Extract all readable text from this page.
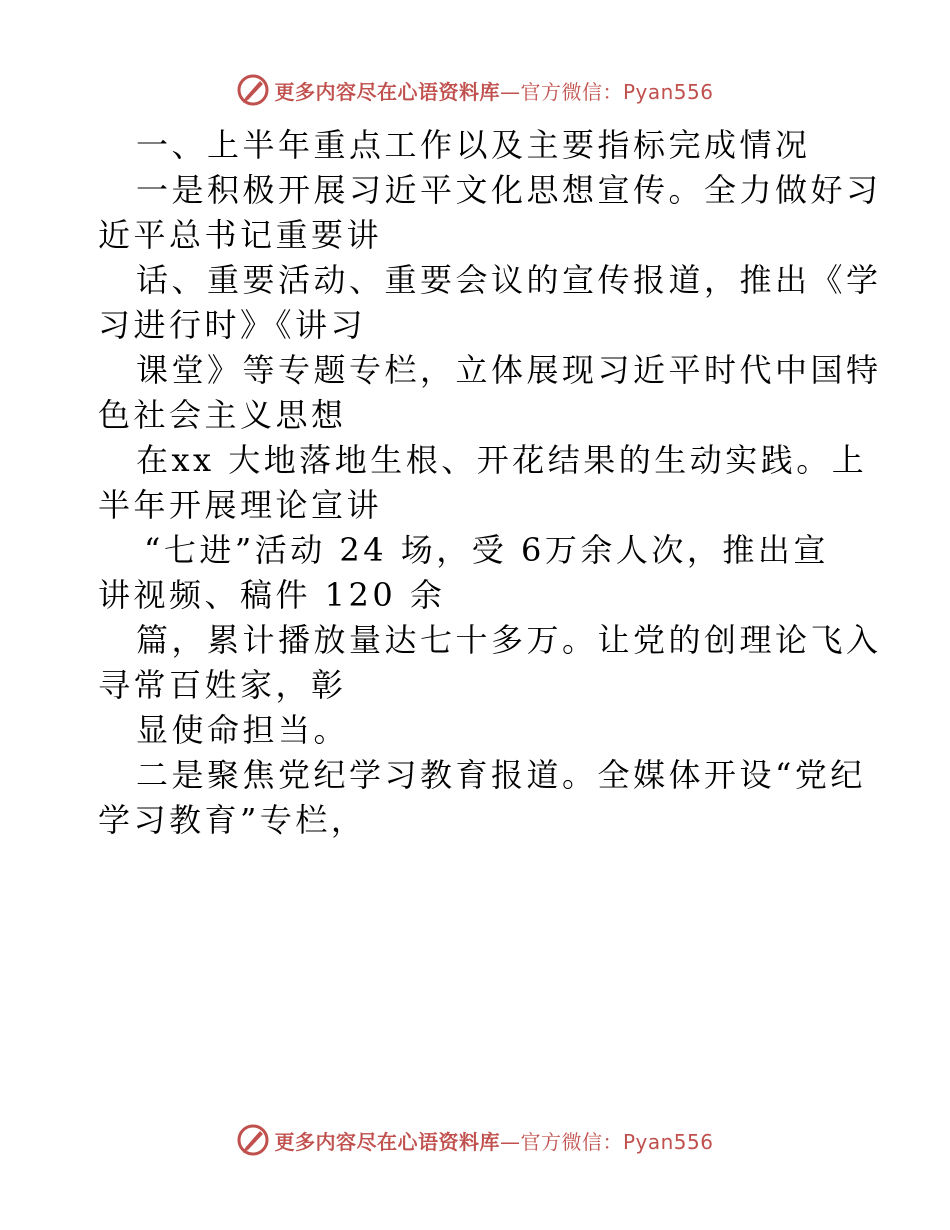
更多内容尽在心语资料库—官方微信：Pyan556
一、上半年重点工作以及主要指标完成情况
一是积极开展习近平文化思想宣传。全力做好习
近平总书记重要讲
话、重要活动、重要会议的宣传报道，推出《学
习进行时》《讲习
课堂》等专题专栏，立体展现习近平时代中国特
色社会主义思想
在xx 大地落地生根、开花结果的生动实践。上
半年开展理论宣讲
“七进”活动 24 场，受 6万余人次，推出宣
讲视频、稿件 120 余
篇，累计播放量达七十多万。让党的创理论飞入
寻常百姓家，彰
显使命担当。
二是聚焦党纪学习教育报道。全媒体开设“党纪
学习教育”专栏，
更多内容尽在心语资料库—官方微信：Pyan556
